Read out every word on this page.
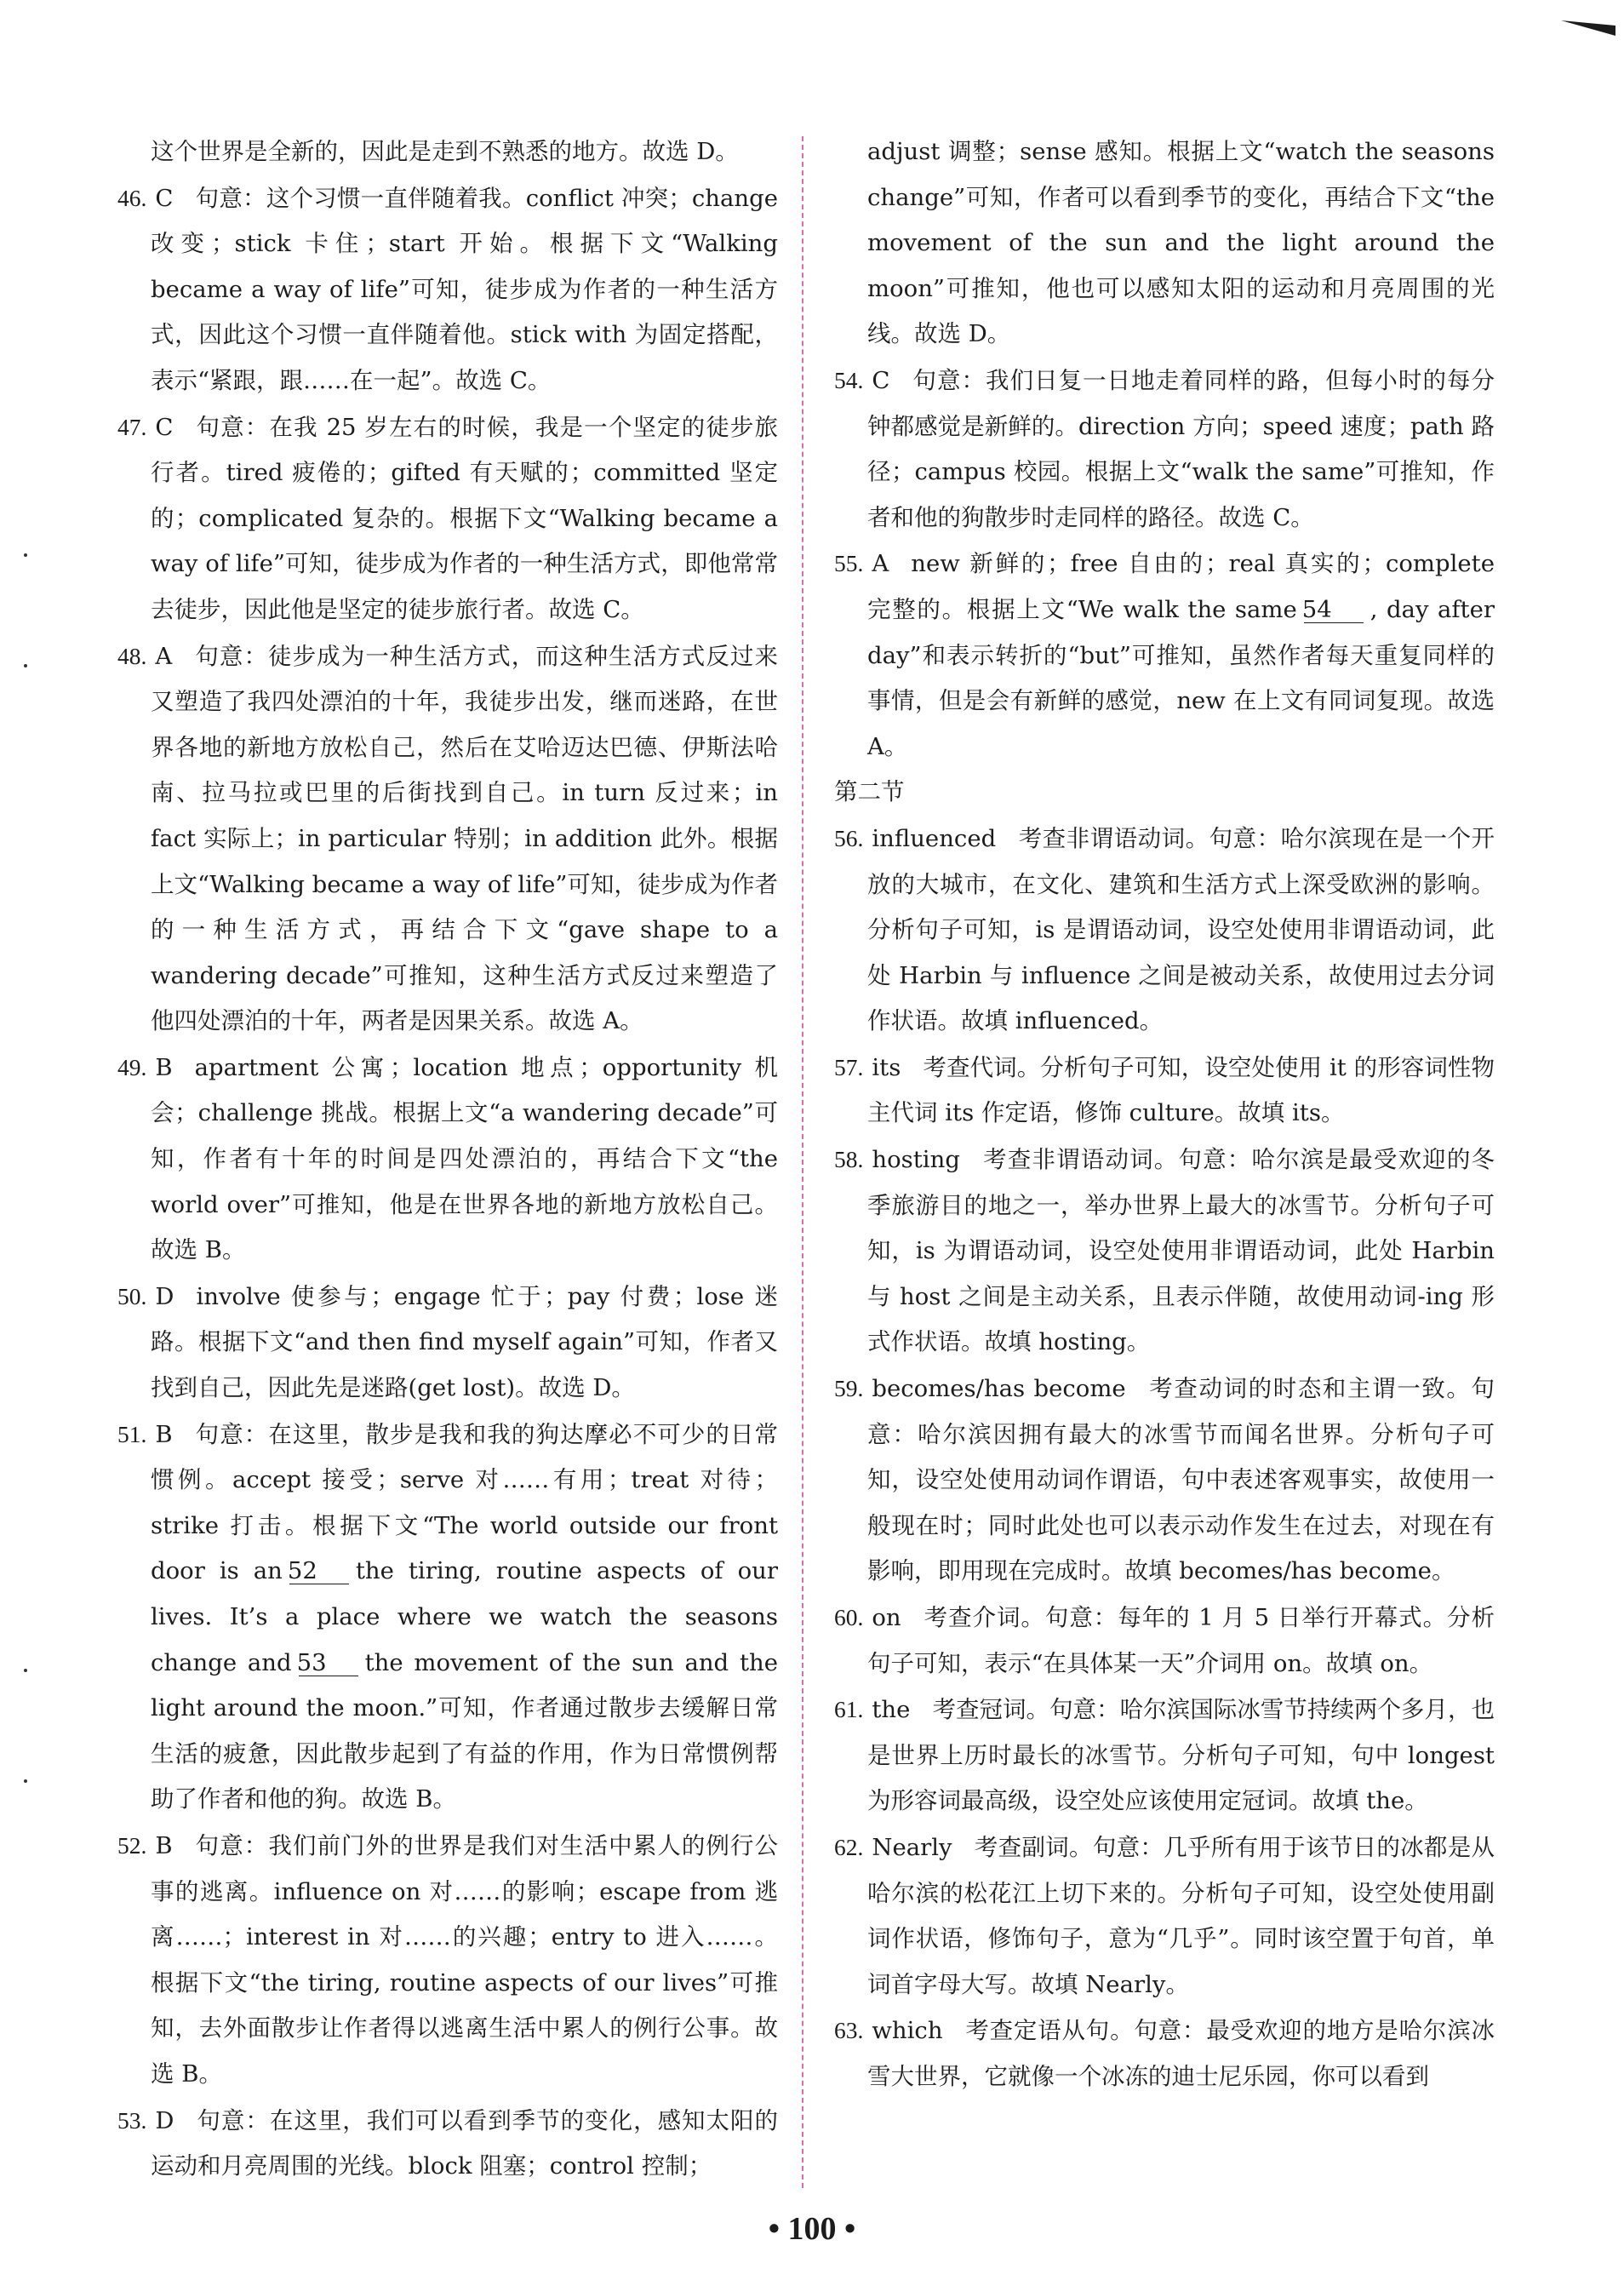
这个世界是全新的，因此是走到不熟悉的地方。故选 D。

46. C 句意：这个习惯一直伴随着我。conflict 冲突；change 改变；stick 卡住；start 开始。根据下文“Walking became a way of life”可知，徒步成为作者的一种生活方式，因此这个习惯一直伴随着他。stick with 为固定搭配，表示“紧跟，跟……在一起”。故选 C。

47. C 句意：在我 25 岁左右的时候，我是一个坚定的徒步旅行者。tired 疲倦的；gifted 有天赋的；committed 坚定的；complicated 复杂的。根据下文“Walking became a way of life”可知，徒步成为作者的一种生活方式，即他常常去徒步，因此他是坚定的徒步旅行者。故选 C。

48. A 句意：徒步成为一种生活方式，而这种生活方式反过来又塑造了我四处漂泊的十年，我徒步出发，继而迷路，在世界各地的新地方放松自己，然后在艾哈迈达巴德、伊斯法哈南、拉马拉或巴里的后街找到自己。in turn 反过来；in fact 实际上；in particular 特别；in addition 此外。根据上文“Walking became a way of life”可知，徒步成为作者的一种生活方式，再结合下文“gave shape to a wandering decade”可推知，这种生活方式反过来塑造了他四处漂泊的十年，两者是因果关系。故选 A。

49. B apartment 公寓；location 地点；opportunity 机会；challenge 挑战。根据上文“a wandering decade”可知，作者有十年的时间是四处漂泊的，再结合下文“the world over”可推知，他是在世界各地的新地方放松自己。故选 B。

50. D involve 使参与；engage 忙于；pay 付费；lose 迷路。根据下文“and then find myself again”可知，作者又找到自己，因此先是迷路(get lost)。故选 D。

51. B 句意：在这里，散步是我和我的狗达摩必不可少的日常惯例。accept 接受；serve 对……有用；treat 对待；strike 打击。根据下文“The world outside our front door is an 52 the tiring, routine aspects of our lives. It’s a place where we watch the seasons change and 53 the movement of the sun and the light around the moon.”可知，作者通过散步去缓解日常生活的疲惫，因此散步起到了有益的作用，作为日常惯例帮助了作者和他的狗。故选 B。

52. B 句意：我们前门外的世界是我们对生活中累人的例行公事的逃离。influence on 对……的影响；escape from 逃离……；interest in 对……的兴趣；entry to 进入……。根据下文“the tiring, routine aspects of our lives”可推知，去外面散步让作者得以逃离生活中累人的例行公事。故选 B。

53. D 句意：在这里，我们可以看到季节的变化，感知太阳的运动和月亮周围的光线。block 阻塞；control 控制；

adjust 调整；sense 感知。根据上文“watch the seasons change”可知，作者可以看到季节的变化，再结合下文“the movement of the sun and the light around the moon”可推知，他也可以感知太阳的运动和月亮周围的光线。故选 D。

54. C 句意：我们日复一日地走着同样的路，但每小时的每分钟都感觉是新鲜的。direction 方向；speed 速度；path 路径；campus 校园。根据上文“walk the same”可推知，作者和他的狗散步时走同样的路径。故选 C。

55. A new 新鲜的；free 自由的；real 真实的；complete 完整的。根据上文“We walk the same 54 , day after day”和表示转折的“but”可推知，虽然作者每天重复同样的事情，但是会有新鲜的感觉，new 在上文有同词复现。故选 A。

第二节

56. influenced 考查非谓语动词。句意：哈尔滨现在是一个开放的大城市，在文化、建筑和生活方式上深受欧洲的影响。分析句子可知，is 是谓语动词，设空处使用非谓语动词，此处 Harbin 与 influence 之间是被动关系，故使用过去分词作状语。故填 influenced。

57. its 考查代词。分析句子可知，设空处使用 it 的形容词性物主代词 its 作定语，修饰 culture。故填 its。

58. hosting 考查非谓语动词。句意：哈尔滨是最受欢迎的冬季旅游目的地之一，举办世界上最大的冰雪节。分析句子可知，is 为谓语动词，设空处使用非谓语动词，此处 Harbin 与 host 之间是主动关系，且表示伴随，故使用动词-ing 形式作状语。故填 hosting。

59. becomes/has become 考查动词的时态和主谓一致。句意：哈尔滨因拥有最大的冰雪节而闻名世界。分析句子可知，设空处使用动词作谓语，句中表述客观事实，故使用一般现在时；同时此处也可以表示动作发生在过去，对现在有影响，即用现在完成时。故填 becomes/has become。

60. on 考查介词。句意：每年的 1 月 5 日举行开幕式。分析句子可知，表示“在具体某一天”介词用 on。故填 on。

61. the 考查冠词。句意：哈尔滨国际冰雪节持续两个多月，也是世界上历时最长的冰雪节。分析句子可知，句中 longest 为形容词最高级，设空处应该使用定冠词。故填 the。

62. Nearly 考查副词。句意：几乎所有用于该节日的冰都是从哈尔滨的松花江上切下来的。分析句子可知，设空处使用副词作状语，修饰句子，意为“几乎”。同时该空置于句首，单词首字母大写。故填 Nearly。

63. which 考查定语从句。句意：最受欢迎的地方是哈尔滨冰雪大世界，它就像一个冰冻的迪士尼乐园，你可以看到

• 100 •
